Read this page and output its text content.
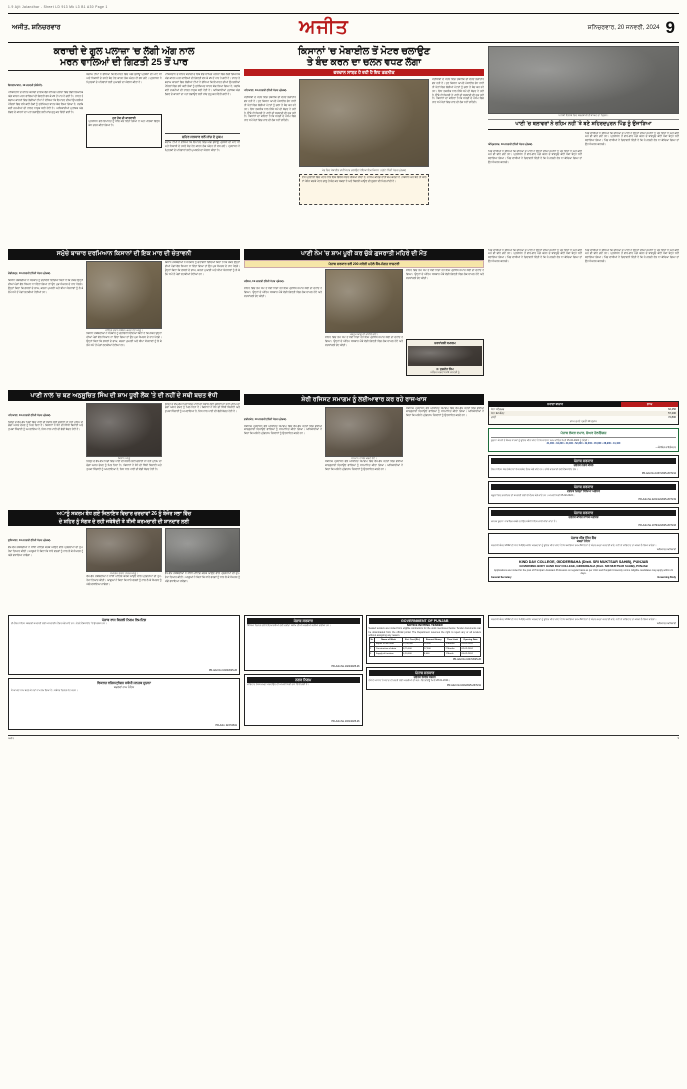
1.9 Ajit Jalandhar - Sheet LD 913 Mk L3 B1 A30 Page 1
ਅਜੀਤ, ਸ਼ਨਿਚਰਵਾਰ	ਅਜੀਤ	ਸ਼ਨਿਚਰਵਾਰ, 20 ਜਨਵਰੀ, 2024 9
ਕਰਾਚੀ ਦੇ ਗੁਲ ਪਲਾਜ਼ਾ 'ਚ ਲੱਗੀ ਅੱਗ ਨਾਲ
ਮਰਨ ਵਾਲਿਆਂ ਦੀ ਗਿਣਤੀ 25 ਤੋਂ ਪਾਰ
ਇਸਲਾਮਾਬਾਦ, 19 ਜਨਵਰੀ (ਏਜੰਸੀ)-
ਪਾਕਿਸਤਾਨ ਦੇ ਸ਼ਹਿਰ ਕਰਾਚੀ ਦੇ ਇਕ ਵੱਡੇ ਸ਼ਾਪਿੰਗ ਪਲਾਜ਼ਾ ਵਿਚ ਲੱਗੀ ਭਿਆਨਕ ਅੱਗ ਕਾਰਨ ਮਰਨ ਵਾਲਿਆਂ ਦੀ ਗਿਣਤੀ ਵਧ ਕੇ 25 ਤੋਂ ਪਾਰ ਹੋ ਗਈ ਹੈ। ਰਾਹਤ ਤੇ ਬਚਾਅ ਕਾਰਜਾਂ ਵਿਚ ਲੱਗੀਆਂ ਟੀਮਾਂ ਨੇ ਦੱਸਿਆ ਕਿ ਇਮਾਰਤ ਦੀਆਂ ਉਪਰਲੀਆਂ ਮੰਜ਼ਿਲਾਂ ਵਿਚ ਫਸੇ ਕਈ ਲੋਕਾਂ ਨੂੰ ਸੁਰੱਖਿਅਤ ਬਾਹਰ ਕੱਢ ਲਿਆ ਗਿਆ ਹੈ, ਜਦਕਿ ਕਈ ਜ਼ਖ਼ਮੀਆਂ ਦੀ ਹਾਲਤ ਨਾਜ਼ੁਕ ਬਣੀ ਹੋਈ ਹੈ। ਅਧਿਕਾਰੀਆਂ ਮੁਤਾਬਕ ਅੱਗ ਲੱਗਣ ਦੇ ਕਾਰਨਾਂ ਦਾ ਪਤਾ ਲਗਾਉਣ ਲਈ ਜਾਂਚ ਸ਼ੁਰੂ ਕਰ ਦਿੱਤੀ ਗਈ ਹੈ।
ਬਚਾਅ ਟੀਮਾਂ ਨੇ ਦੱਸਿਆ ਕਿ ਇਮਾਰਤ ਵਿਚ ਅੱਗ ਬੁਝਾਊ ਪ੍ਰਬੰਧਾਂ ਦੀ ਘਾਟ ਸੀ ਅਤੇ ਨਿਕਾਸੀ ਦੇ ਰਸਤੇ ਬੰਦ ਹੋਣ ਕਾਰਨ ਲੋਕ ਅੰਦਰ ਹੀ ਫਸ ਗਏ। ਪ੍ਰਸ਼ਾਸਨ ਨੇ ਮ੍ਰਿਤਕਾਂ ਦੇ ਪਰਿਵਾਰਾਂ ਲਈ ਮੁਆਵਜ਼ੇ ਦਾ ਐਲਾਨ ਕੀਤਾ ਹੈ।
ਹੁਣ ਤੱਕ ਦੀ ਕਾਰਵਾਈ
ਪ੍ਰਸ਼ਾਸਨ ਵਲੋਂ ਇਮਾਰਤ ਨੂੰ ਸੀਲ ਕਰ ਦਿੱਤਾ ਗਿਆ ਹੈ ਅਤੇ ਮਾਲਕਾਂ ਵਿਰੁੱਧ ਕੇਸ ਦਰਜ ਕੀਤਾ ਗਿਆ ਹੈ।
ਪਾਕਿਸਤਾਨ ਦੇ ਸ਼ਹਿਰ ਕਰਾਚੀ ਦੇ ਇਕ ਵੱਡੇ ਸ਼ਾਪਿੰਗ ਪਲਾਜ਼ਾ ਵਿਚ ਲੱਗੀ ਭਿਆਨਕ ਅੱਗ ਕਾਰਨ ਮਰਨ ਵਾਲਿਆਂ ਦੀ ਗਿਣਤੀ ਵਧ ਕੇ 25 ਤੋਂ ਪਾਰ ਹੋ ਗਈ ਹੈ। ਰਾਹਤ ਤੇ ਬਚਾਅ ਕਾਰਜਾਂ ਵਿਚ ਲੱਗੀਆਂ ਟੀਮਾਂ ਨੇ ਦੱਸਿਆ ਕਿ ਇਮਾਰਤ ਦੀਆਂ ਉਪਰਲੀਆਂ ਮੰਜ਼ਿਲਾਂ ਵਿਚ ਫਸੇ ਕਈ ਲੋਕਾਂ ਨੂੰ ਸੁਰੱਖਿਅਤ ਬਾਹਰ ਕੱਢ ਲਿਆ ਗਿਆ ਹੈ, ਜਦਕਿ ਕਈ ਜ਼ਖ਼ਮੀਆਂ ਦੀ ਹਾਲਤ ਨਾਜ਼ੁਕ ਬਣੀ ਹੋਈ ਹੈ। ਅਧਿਕਾਰੀਆਂ ਮੁਤਾਬਕ ਅੱਗ ਲੱਗਣ ਦੇ ਕਾਰਨਾਂ ਦਾ ਪਤਾ ਲਗਾਉਣ ਲਈ ਜਾਂਚ ਸ਼ੁਰੂ ਕਰ ਦਿੱਤੀ ਗਈ ਹੈ।
ਸ਼ਹਿਰ ਸਰਕਾਰ ਵਲੋਂ ਜਾਂਚ ਦੇ ਹੁਕਮ
ਬਚਾਅ ਟੀਮਾਂ ਨੇ ਦੱਸਿਆ ਕਿ ਇਮਾਰਤ ਵਿਚ ਅੱਗ ਬੁਝਾਊ ਪ੍ਰਬੰਧਾਂ ਦੀ ਘਾਟ ਸੀ ਅਤੇ ਨਿਕਾਸੀ ਦੇ ਰਸਤੇ ਬੰਦ ਹੋਣ ਕਾਰਨ ਲੋਕ ਅੰਦਰ ਹੀ ਫਸ ਗਏ। ਪ੍ਰਸ਼ਾਸਨ ਨੇ ਮ੍ਰਿਤਕਾਂ ਦੇ ਪਰਿਵਾਰਾਂ ਲਈ ਮੁਆਵਜ਼ੇ ਦਾ ਐਲਾਨ ਕੀਤਾ ਹੈ।
ਕਿਸਾਨਾਂ 'ਚ ਮੋਬਾਈਲ ਤੋਂ ਮੋਟਰ ਚਲਾਉਣ
ਤੇ ਬੰਦ ਕਰਨ ਦਾ ਚਲਨ ਵਧਣ ਲੱਗਾ
ਵਰਦਾਨ ਸਾਬਤ ਹੋ ਰਹੀ ਹੈ ਇਹ ਤਕਨੀਕ
ਪਟਿਆਲਾ, 19 ਜਨਵਰੀ (ਨਿੱਜੀ ਪੱਤਰ ਪ੍ਰੇਰਕ)-
ਖੇਤੀਬਾੜੀ ਦੇ ਖੇਤਰ ਵਿਚ ਤਕਨੀਕ ਦੀ ਵਰਤੋਂ ਲਗਾਤਾਰ ਵਧ ਰਹੀ ਹੈ। ਹੁਣ ਕਿਸਾਨ ਆਪਣੇ ਮੋਬਾਈਲ ਫੋਨ ਰਾਹੀਂ ਹੀ ਖੇਤਾਂ ਵਿਚ ਲੱਗੀਆਂ ਮੋਟਰਾਂ ਨੂੰ ਚਲਾ ਤੇ ਬੰਦ ਕਰ ਰਹੇ ਹਨ। ਇਸ ਤਕਨੀਕ ਨਾਲ ਜਿੱਥੇ ਸਮੇਂ ਦੀ ਬੱਚਤ ਹੋ ਰਹੀ ਹੈ, ਉੱਥੇ ਹੀ ਬਿਜਲੀ ਤੇ ਪਾਣੀ ਦੀ ਬਰਬਾਦੀ ਵੀ ਰੁਕ ਰਹੀ ਹੈ। ਕਿਸਾਨਾਂ ਦਾ ਕਹਿਣਾ ਹੈ ਕਿ ਸਰਦੀ ਦੇ ਮੌਸਮ ਵਿਚ ਰਾਤ ਸਮੇਂ ਖੇਤਾਂ ਵਿਚ ਜਾਣ ਦੀ ਲੋੜ ਨਹੀਂ ਰਹਿੰਦੀ।
ਖੇਤ ਵਿਚ ਮੋਬਾਈਲ ਰਾਹੀਂ ਮੋਟਰ ਚਲਾਉਂਦਾ ਹੋਇਆ ਇਕ ਕਿਸਾਨ। (ਫੋਟੋ: ਨਿੱਜੀ ਪੱਤਰ ਪ੍ਰੇਰਕ)
ਇਸ ਪ੍ਰਣਾਲੀ ਵਿਚ ਮੋਟਰ ਨਾਲ ਇਕ ਵਿਸ਼ੇਸ਼ ਯੰਤਰ ਜੋੜਿਆ ਜਾਂਦਾ ਹੈ, ਜੋ ਸਿਮ ਕਾਰਡ ਰਾਹੀਂ ਕੰਮ ਕਰਦਾ ਹੈ। ਕਿਸਾਨ ਘਰ ਬੈਠੇ ਹੀ ਕਾਲ ਜਾਂ ਮੈਸੇਜ ਕਰਕੇ ਮੋਟਰ ਚਾਲੂ ਤੇ ਬੰਦ ਕਰ ਸਕਦਾ ਹੈ ਅਤੇ ਬਿਜਲੀ ਆਉਣ ਦੀ ਸੂਚਨਾ ਵੀ ਮਿਲ ਜਾਂਦੀ ਹੈ।
ਖੇਤੀਬਾੜੀ ਦੇ ਖੇਤਰ ਵਿਚ ਤਕਨੀਕ ਦੀ ਵਰਤੋਂ ਲਗਾਤਾਰ ਵਧ ਰਹੀ ਹੈ। ਹੁਣ ਕਿਸਾਨ ਆਪਣੇ ਮੋਬਾਈਲ ਫੋਨ ਰਾਹੀਂ ਹੀ ਖੇਤਾਂ ਵਿਚ ਲੱਗੀਆਂ ਮੋਟਰਾਂ ਨੂੰ ਚਲਾ ਤੇ ਬੰਦ ਕਰ ਰਹੇ ਹਨ। ਇਸ ਤਕਨੀਕ ਨਾਲ ਜਿੱਥੇ ਸਮੇਂ ਦੀ ਬੱਚਤ ਹੋ ਰਹੀ ਹੈ, ਉੱਥੇ ਹੀ ਬਿਜਲੀ ਤੇ ਪਾਣੀ ਦੀ ਬਰਬਾਦੀ ਵੀ ਰੁਕ ਰਹੀ ਹੈ। ਕਿਸਾਨਾਂ ਦਾ ਕਹਿਣਾ ਹੈ ਕਿ ਸਰਦੀ ਦੇ ਮੌਸਮ ਵਿਚ ਰਾਤ ਸਮੇਂ ਖੇਤਾਂ ਵਿਚ ਜਾਣ ਦੀ ਲੋੜ ਨਹੀਂ ਰਹਿੰਦੀ।
ਪਹਾੜੀ ਇਲਾਕੇ ਵਿਚ ਬਰਫ਼ਬਾਰੀ ਤੋਂ ਬਾਅਦ ਦਾ ਦ੍ਰਿਸ਼।
ਪਾਣੀ 'ਚ ਥਲਾਵਰਾਂ ਨੇ ਰਹਿਮ ਨਹੀਂ 'ਤੇ ਬਣੇ ਸ਼ਹਿਰਦਪੁਰਨ ਪਿੰਡ ਨੂੰ ਉਜਾੜਿਆ
ਅੰਮ੍ਰਿਤਸਰ, 19 ਜਨਵਰੀ (ਨਿੱਜੀ ਪੱਤਰ ਪ੍ਰੇਰਕ)-
ਪਿੰਡ ਵਾਸੀਆਂ ਨੇ ਦੱਸਿਆ ਕਿ ਦਰਿਆ ਦੇ ਪਾਣੀ ਨੇ ਉਨ੍ਹਾਂ ਦੀਆਂ ਜ਼ਮੀਨਾਂ ਨੂੰ ਖੋਰ ਦਿੱਤਾ ਹੈ ਅਤੇ ਕਈ ਘਰ ਵੀ ਢਹਿ ਗਏ ਹਨ। ਪ੍ਰਸ਼ਾਸਨ ਤੋਂ ਵਾਰ-ਵਾਰ ਮੰਗ ਕਰਨ ਦੇ ਬਾਵਜੂਦ ਕੋਈ ਪੱਕਾ ਬੰਨ੍ਹ ਨਹੀਂ ਬਣਾਇਆ ਗਿਆ। ਪਿੰਡ ਵਾਸੀਆਂ ਨੇ ਚਿਤਾਵਨੀ ਦਿੱਤੀ ਹੈ ਕਿ ਜੇ ਜਲਦੀ ਹੱਲ ਨਾ ਕੱਢਿਆ ਗਿਆ ਤਾਂ ਉਹ ਸੰਘਰਸ਼ ਕਰਨਗੇ।
ਪਿੰਡ ਵਾਸੀਆਂ ਨੇ ਦੱਸਿਆ ਕਿ ਦਰਿਆ ਦੇ ਪਾਣੀ ਨੇ ਉਨ੍ਹਾਂ ਦੀਆਂ ਜ਼ਮੀਨਾਂ ਨੂੰ ਖੋਰ ਦਿੱਤਾ ਹੈ ਅਤੇ ਕਈ ਘਰ ਵੀ ਢਹਿ ਗਏ ਹਨ। ਪ੍ਰਸ਼ਾਸਨ ਤੋਂ ਵਾਰ-ਵਾਰ ਮੰਗ ਕਰਨ ਦੇ ਬਾਵਜੂਦ ਕੋਈ ਪੱਕਾ ਬੰਨ੍ਹ ਨਹੀਂ ਬਣਾਇਆ ਗਿਆ। ਪਿੰਡ ਵਾਸੀਆਂ ਨੇ ਚਿਤਾਵਨੀ ਦਿੱਤੀ ਹੈ ਕਿ ਜੇ ਜਲਦੀ ਹੱਲ ਨਾ ਕੱਢਿਆ ਗਿਆ ਤਾਂ ਉਹ ਸੰਘਰਸ਼ ਕਰਨਗੇ।
ਸਮੁੱਚੇ ਬਾਜ਼ਾਰ ਦਰਮਿਆਨ ਕਿਸਾਨਾਂ ਦੀ ਇਕ ਮਾਰ ਦੀ ਚੇਤਾਵਨੀ
ਚੰਡੀਗੜ੍ਹ, 19 ਜਨਵਰੀ (ਨਿੱਜੀ ਪੱਤਰ ਪ੍ਰੇਰਕ)-
ਕਿਸਾਨ ਜਥੇਬੰਦੀਆਂ ਨੇ ਸਰਕਾਰ ਨੂੰ ਚੇਤਾਵਨੀ ਦਿੰਦਿਆਂ ਕਿਹਾ ਹੈ ਕਿ ਜੇਕਰ ਉਨ੍ਹਾਂ ਦੀਆਂ ਮੰਗਾਂ ਵੱਲ ਧਿਆਨ ਨਾ ਦਿੱਤਾ ਗਿਆ ਤਾਂ ਉਹ ਮੁੜ ਸੰਘਰਸ਼ ਦੇ ਰਾਹ ਪੈਣਗੇ। ਉਨ੍ਹਾਂ ਕਿਹਾ ਕਿ ਫ਼ਸਲਾਂ ਦੇ ਭਾਅ, ਕਰਜ਼ਾ ਮੁਆਫ਼ੀ ਅਤੇ ਬੀਮਾ ਯੋਜਨਾਵਾਂ ਨੂੰ ਲੈ ਕੇ ਲੰਮੇ ਸਮੇਂ ਤੋਂ ਮੰਗਾਂ ਲਟਕੀਆਂ ਹੋਈਆਂ ਹਨ।
ਮੀਟਿੰਗ ਦੌਰਾਨ ਸੰਬੋਧਨ ਕਰਦੇ ਹੋਏ ਆਗੂ।
ਕਿਸਾਨ ਜਥੇਬੰਦੀਆਂ ਨੇ ਸਰਕਾਰ ਨੂੰ ਚੇਤਾਵਨੀ ਦਿੰਦਿਆਂ ਕਿਹਾ ਹੈ ਕਿ ਜੇਕਰ ਉਨ੍ਹਾਂ ਦੀਆਂ ਮੰਗਾਂ ਵੱਲ ਧਿਆਨ ਨਾ ਦਿੱਤਾ ਗਿਆ ਤਾਂ ਉਹ ਮੁੜ ਸੰਘਰਸ਼ ਦੇ ਰਾਹ ਪੈਣਗੇ। ਉਨ੍ਹਾਂ ਕਿਹਾ ਕਿ ਫ਼ਸਲਾਂ ਦੇ ਭਾਅ, ਕਰਜ਼ਾ ਮੁਆਫ਼ੀ ਅਤੇ ਬੀਮਾ ਯੋਜਨਾਵਾਂ ਨੂੰ ਲੈ ਕੇ ਲੰਮੇ ਸਮੇਂ ਤੋਂ ਮੰਗਾਂ ਲਟਕੀਆਂ ਹੋਈਆਂ ਹਨ।
ਕਿਸਾਨ ਜਥੇਬੰਦੀਆਂ ਨੇ ਸਰਕਾਰ ਨੂੰ ਚੇਤਾਵਨੀ ਦਿੰਦਿਆਂ ਕਿਹਾ ਹੈ ਕਿ ਜੇਕਰ ਉਨ੍ਹਾਂ ਦੀਆਂ ਮੰਗਾਂ ਵੱਲ ਧਿਆਨ ਨਾ ਦਿੱਤਾ ਗਿਆ ਤਾਂ ਉਹ ਮੁੜ ਸੰਘਰਸ਼ ਦੇ ਰਾਹ ਪੈਣਗੇ। ਉਨ੍ਹਾਂ ਕਿਹਾ ਕਿ ਫ਼ਸਲਾਂ ਦੇ ਭਾਅ, ਕਰਜ਼ਾ ਮੁਆਫ਼ੀ ਅਤੇ ਬੀਮਾ ਯੋਜਨਾਵਾਂ ਨੂੰ ਲੈ ਕੇ ਲੰਮੇ ਸਮੇਂ ਤੋਂ ਮੰਗਾਂ ਲਟਕੀਆਂ ਹੋਈਆਂ ਹਨ।
ਪਾਣੀ ਨਾਲ 'ਚ ਬਣ ਅਨੁਸੂਚਿਤ ਸਿੰਘ ਦੀ ਸ਼ਾਮ ਧੂਰੀ ਲੋਕ 'ਤੇ ਦੀ ਨਹੀਂ ਦੇ ਸਥੀ ਬਚਤ ਵੱਧੀ
ਪਟਿਆਲਾ, 19 ਜਨਵਰੀ (ਨਿੱਜੀ ਪੱਤਰ ਪ੍ਰੇਰਕ)-
ਜ਼ਿਲ੍ਹੇ ਦੇ ਵੱਖ-ਵੱਖ ਪਿੰਡਾਂ ਵਿਚ ਪਾਣੀ ਦੀ ਸੰਭਾਲ ਲਈ ਚਲਾਈ ਜਾ ਰਹੀ ਮੁਹਿੰਮ ਦਾ ਚੰਗਾ ਅਸਰ ਦੇਖਣ ਨੂੰ ਮਿਲ ਰਿਹਾ ਹੈ। ਕਿਸਾਨਾਂ ਨੇ ਝੋਨੇ ਦੀ ਸਿੱਧੀ ਬਿਜਾਈ ਅਤੇ ਤੁਪਕਾ ਸਿੰਚਾਈ ਨੂੰ ਅਪਣਾਇਆ ਹੈ, ਜਿਸ ਨਾਲ ਪਾਣੀ ਦੀ ਵੱਡੀ ਬੱਚਤ ਹੋਈ ਹੈ।
ਕਿਸਾਨ ਆਗੂ
ਜ਼ਿਲ੍ਹੇ ਦੇ ਵੱਖ-ਵੱਖ ਪਿੰਡਾਂ ਵਿਚ ਪਾਣੀ ਦੀ ਸੰਭਾਲ ਲਈ ਚਲਾਈ ਜਾ ਰਹੀ ਮੁਹਿੰਮ ਦਾ ਚੰਗਾ ਅਸਰ ਦੇਖਣ ਨੂੰ ਮਿਲ ਰਿਹਾ ਹੈ। ਕਿਸਾਨਾਂ ਨੇ ਝੋਨੇ ਦੀ ਸਿੱਧੀ ਬਿਜਾਈ ਅਤੇ ਤੁਪਕਾ ਸਿੰਚਾਈ ਨੂੰ ਅਪਣਾਇਆ ਹੈ, ਜਿਸ ਨਾਲ ਪਾਣੀ ਦੀ ਵੱਡੀ ਬੱਚਤ ਹੋਈ ਹੈ।
ਜ਼ਿਲ੍ਹੇ ਦੇ ਵੱਖ-ਵੱਖ ਪਿੰਡਾਂ ਵਿਚ ਪਾਣੀ ਦੀ ਸੰਭਾਲ ਲਈ ਚਲਾਈ ਜਾ ਰਹੀ ਮੁਹਿੰਮ ਦਾ ਚੰਗਾ ਅਸਰ ਦੇਖਣ ਨੂੰ ਮਿਲ ਰਿਹਾ ਹੈ। ਕਿਸਾਨਾਂ ਨੇ ਝੋਨੇ ਦੀ ਸਿੱਧੀ ਬਿਜਾਈ ਅਤੇ ਤੁਪਕਾ ਸਿੰਚਾਈ ਨੂੰ ਅਪਣਾਇਆ ਹੈ, ਜਿਸ ਨਾਲ ਪਾਣੀ ਦੀ ਵੱਡੀ ਬੱਚਤ ਹੋਈ ਹੈ।
ਅਾਨੂੰ ਸਕਰਮ ਬੱਧ ਗਏ ਜਿਲਾਇਤ ਵਿਚਾਰ ਚਰਚਾਵਾਂ 26 ਨੂੰ ਬੇਜੋਰ ਸਭਾ ਵਿੱਚ
ਦੇ ਸ਼ਹਿਰ ਨੂੰ ਸੰਗਤ ਦੇ ਰਹੀ ਜਥੇਬੰਦੀ ਤੇ ਤੀਜੀ ਕਰਮਚਾਰੀ ਦੀ ਸ਼ਾਨਦਾਰ ਲਈ
ਲੁਧਿਆਣਾ, 19 ਜਨਵਰੀ (ਨਿੱਜੀ ਪੱਤਰ ਪ੍ਰੇਰਕ)-
ਵੱਖ-ਵੱਖ ਜਥੇਬੰਦੀਆਂ ਨੇ ਸਾਂਝੀ ਮੀਟਿੰਗ ਕਰਕੇ ਆਉਣ ਵਾਲੇ ਪ੍ਰੋਗਰਾਮਾਂ ਦੀ ਰੂਪ-ਰੇਖਾ ਤਿਆਰ ਕੀਤੀ। ਆਗੂਆਂ ਨੇ ਕਿਹਾ ਕਿ ਸਾਰੇ ਵਰਗਾਂ ਨੂੰ ਨਾਲ ਲੈ ਕੇ ਸੰਘਰਸ਼ ਨੂੰ ਅੱਗੇ ਵਧਾਇਆ ਜਾਵੇਗਾ।
ਸਮਾਗਮ ਦੌਰਾਨ ਹਾਜ਼ਰ ਆਗੂ।
ਵੱਖ-ਵੱਖ ਜਥੇਬੰਦੀਆਂ ਨੇ ਸਾਂਝੀ ਮੀਟਿੰਗ ਕਰਕੇ ਆਉਣ ਵਾਲੇ ਪ੍ਰੋਗਰਾਮਾਂ ਦੀ ਰੂਪ-ਰੇਖਾ ਤਿਆਰ ਕੀਤੀ। ਆਗੂਆਂ ਨੇ ਕਿਹਾ ਕਿ ਸਾਰੇ ਵਰਗਾਂ ਨੂੰ ਨਾਲ ਲੈ ਕੇ ਸੰਘਰਸ਼ ਨੂੰ ਅੱਗੇ ਵਧਾਇਆ ਜਾਵੇਗਾ।
ਵੱਖ-ਵੱਖ ਜਥੇਬੰਦੀਆਂ ਨੇ ਸਾਂਝੀ ਮੀਟਿੰਗ ਕਰਕੇ ਆਉਣ ਵਾਲੇ ਪ੍ਰੋਗਰਾਮਾਂ ਦੀ ਰੂਪ-ਰੇਖਾ ਤਿਆਰ ਕੀਤੀ। ਆਗੂਆਂ ਨੇ ਕਿਹਾ ਕਿ ਸਾਰੇ ਵਰਗਾਂ ਨੂੰ ਨਾਲ ਲੈ ਕੇ ਸੰਘਰਸ਼ ਨੂੰ ਅੱਗੇ ਵਧਾਇਆ ਜਾਵੇਗਾ।
ਪਾਣੀ ਨੇਮ 'ਚ ਸ਼ਾਮ ਪੂਰੀ ਕਰ ਚੁੱਕੇ ਗੁਜਰਾਤੀ ਮਹਿਰੇ ਦੀ ਮੌਤ
ਪੰਜਾਬ ਸਰਕਾਰ ਵਲੋਂ 200 ਕਰੋੜੀ ਮਹੱਲੇ ਬੈਂਕ-ਸੰਗਤ ਰਾਸ਼ਟਰੀ
ਜਲੰਧਰ, 19 ਜਨਵਰੀ (ਨਿੱਜੀ ਪੱਤਰ ਪ੍ਰੇਰਕ)-
ਸ਼ਹਿਰ ਵਿਚ ਲੰਮੇ ਸਮੇਂ ਤੋਂ ਸੇਵਾ ਨਿਭਾ ਰਹੇ ਇਕ ਪ੍ਰਸਿੱਧ ਸਮਾਜ ਸੇਵੀ ਦਾ ਦੇਹਾਂਤ ਹੋ ਗਿਆ। ਉਨ੍ਹਾਂ ਦੇ ਅੰਤਿਮ ਸਸਕਾਰ ਮੌਕੇ ਵੱਡੀ ਗਿਣਤੀ ਵਿਚ ਲੋਕ ਸ਼ਾਮਲ ਹੋਏ ਅਤੇ ਸ਼ਰਧਾਂਜਲੀ ਭੇਟ ਕੀਤੀ।
ਮਰਹੂਮ ਆਗੂ ਦੀ ਫ਼ਾਈਲ ਫ਼ੋਟੋ।
ਸ਼ਹਿਰ ਵਿਚ ਲੰਮੇ ਸਮੇਂ ਤੋਂ ਸੇਵਾ ਨਿਭਾ ਰਹੇ ਇਕ ਪ੍ਰਸਿੱਧ ਸਮਾਜ ਸੇਵੀ ਦਾ ਦੇਹਾਂਤ ਹੋ ਗਿਆ। ਉਨ੍ਹਾਂ ਦੇ ਅੰਤਿਮ ਸਸਕਾਰ ਮੌਕੇ ਵੱਡੀ ਗਿਣਤੀ ਵਿਚ ਲੋਕ ਸ਼ਾਮਲ ਹੋਏ ਅਤੇ ਸ਼ਰਧਾਂਜਲੀ ਭੇਟ ਕੀਤੀ।
ਸ਼ਹਿਰ ਵਿਚ ਲੰਮੇ ਸਮੇਂ ਤੋਂ ਸੇਵਾ ਨਿਭਾ ਰਹੇ ਇਕ ਪ੍ਰਸਿੱਧ ਸਮਾਜ ਸੇਵੀ ਦਾ ਦੇਹਾਂਤ ਹੋ ਗਿਆ। ਉਨ੍ਹਾਂ ਦੇ ਅੰਤਿਮ ਸਸਕਾਰ ਮੌਕੇ ਵੱਡੀ ਗਿਣਤੀ ਵਿਚ ਲੋਕ ਸ਼ਾਮਲ ਹੋਏ ਅਤੇ ਸ਼ਰਧਾਂਜਲੀ ਭੇਟ ਕੀਤੀ।
ਸ਼ਰਧਾਂਜਲੀ ਸਮਾਗਮ
ਸ. ਸੁਰਜੀਤ ਸਿੰਘ
ਅੰਤਿਮ ਅਰਦਾਸ 22 ਜਨਵਰੀ ਨੂੰ
ਸ਼ੇਰੀ ਰਜਿਸਟ ਸਮਾਗਮ ਨੂੰ ਲਈਆਵਾਰ ਕਰ ਰਹੇ ਰਾਜ-ਖਾਸ
ਫ਼ਰੀਦਕੋਟ, 19 ਜਨਵਰੀ (ਨਿੱਜੀ ਪੱਤਰ ਪ੍ਰੇਰਕ)-
ਸਥਾਨਕ ਪ੍ਰਸ਼ਾਸਨ ਵਲੋਂ ਆਯੋਜਿਤ ਸਮਾਗਮ ਵਿਚ ਵੱਖ-ਵੱਖ ਖੇਤਰਾਂ ਵਿਚ ਵਧੀਆ ਕਾਰਗੁਜ਼ਾਰੀ ਦਿਖਾਉਣ ਵਾਲਿਆਂ ਨੂੰ ਸਨਮਾਨਿਤ ਕੀਤਾ ਗਿਆ। ਅਧਿਕਾਰੀਆਂ ਨੇ ਕਿਹਾ ਕਿ ਅਜਿਹੇ ਪ੍ਰੋਗਰਾਮ ਨੌਜਵਾਨਾਂ ਨੂੰ ਉਤਸ਼ਾਹਿਤ ਕਰਦੇ ਹਨ।
ਸਨਮਾਨ ਹਾਸਲ ਕਰਦੇ ਹੋਏ।
ਸਥਾਨਕ ਪ੍ਰਸ਼ਾਸਨ ਵਲੋਂ ਆਯੋਜਿਤ ਸਮਾਗਮ ਵਿਚ ਵੱਖ-ਵੱਖ ਖੇਤਰਾਂ ਵਿਚ ਵਧੀਆ ਕਾਰਗੁਜ਼ਾਰੀ ਦਿਖਾਉਣ ਵਾਲਿਆਂ ਨੂੰ ਸਨਮਾਨਿਤ ਕੀਤਾ ਗਿਆ। ਅਧਿਕਾਰੀਆਂ ਨੇ ਕਿਹਾ ਕਿ ਅਜਿਹੇ ਪ੍ਰੋਗਰਾਮ ਨੌਜਵਾਨਾਂ ਨੂੰ ਉਤਸ਼ਾਹਿਤ ਕਰਦੇ ਹਨ।
ਸਥਾਨਕ ਪ੍ਰਸ਼ਾਸਨ ਵਲੋਂ ਆਯੋਜਿਤ ਸਮਾਗਮ ਵਿਚ ਵੱਖ-ਵੱਖ ਖੇਤਰਾਂ ਵਿਚ ਵਧੀਆ ਕਾਰਗੁਜ਼ਾਰੀ ਦਿਖਾਉਣ ਵਾਲਿਆਂ ਨੂੰ ਸਨਮਾਨਿਤ ਕੀਤਾ ਗਿਆ। ਅਧਿਕਾਰੀਆਂ ਨੇ ਕਿਹਾ ਕਿ ਅਜਿਹੇ ਪ੍ਰੋਗਰਾਮ ਨੌਜਵਾਨਾਂ ਨੂੰ ਉਤਸ਼ਾਹਿਤ ਕਰਦੇ ਹਨ।
ਪਿੰਡ ਵਾਸੀਆਂ ਨੇ ਦੱਸਿਆ ਕਿ ਦਰਿਆ ਦੇ ਪਾਣੀ ਨੇ ਉਨ੍ਹਾਂ ਦੀਆਂ ਜ਼ਮੀਨਾਂ ਨੂੰ ਖੋਰ ਦਿੱਤਾ ਹੈ ਅਤੇ ਕਈ ਘਰ ਵੀ ਢਹਿ ਗਏ ਹਨ। ਪ੍ਰਸ਼ਾਸਨ ਤੋਂ ਵਾਰ-ਵਾਰ ਮੰਗ ਕਰਨ ਦੇ ਬਾਵਜੂਦ ਕੋਈ ਪੱਕਾ ਬੰਨ੍ਹ ਨਹੀਂ ਬਣਾਇਆ ਗਿਆ। ਪਿੰਡ ਵਾਸੀਆਂ ਨੇ ਚਿਤਾਵਨੀ ਦਿੱਤੀ ਹੈ ਕਿ ਜੇ ਜਲਦੀ ਹੱਲ ਨਾ ਕੱਢਿਆ ਗਿਆ ਤਾਂ ਉਹ ਸੰਘਰਸ਼ ਕਰਨਗੇ।
ਪਿੰਡ ਵਾਸੀਆਂ ਨੇ ਦੱਸਿਆ ਕਿ ਦਰਿਆ ਦੇ ਪਾਣੀ ਨੇ ਉਨ੍ਹਾਂ ਦੀਆਂ ਜ਼ਮੀਨਾਂ ਨੂੰ ਖੋਰ ਦਿੱਤਾ ਹੈ ਅਤੇ ਕਈ ਘਰ ਵੀ ਢਹਿ ਗਏ ਹਨ। ਪ੍ਰਸ਼ਾਸਨ ਤੋਂ ਵਾਰ-ਵਾਰ ਮੰਗ ਕਰਨ ਦੇ ਬਾਵਜੂਦ ਕੋਈ ਪੱਕਾ ਬੰਨ੍ਹ ਨਹੀਂ ਬਣਾਇਆ ਗਿਆ। ਪਿੰਡ ਵਾਸੀਆਂ ਨੇ ਚਿਤਾਵਨੀ ਦਿੱਤੀ ਹੈ ਕਿ ਜੇ ਜਲਦੀ ਹੱਲ ਨਾ ਕੱਢਿਆ ਗਿਆ ਤਾਂ ਉਹ ਸੰਘਰਸ਼ ਕਰਨਗੇ।
ਸਰਾਫ਼ਾ ਬਾਜ਼ਾਰ	ਭਾਅ
ਸੋਨਾ ਸਟੈਂਡਰਡ	62,450
ਸੋਨਾ 22 ਕੈਰੇਟ	57,200
ਚਾਂਦੀ	72,800
ਭਾਅ ਰੁਪਏ ਪ੍ਰਤੀ 10 ਗ੍ਰਾਮ
ਪੰਜਾਬ ਲੱਕੜ ਵਪਾਰ, ਸ਼ੇਅਰ ਹੋਲਡਿੰਗਜ਼
ਸੂਚਨਾ: ਕੰਪਨੀ ਦੇ ਸ਼ੇਅਰ ਧਾਰਕਾਂ ਨੂੰ ਸੂਚਿਤ ਕੀਤਾ ਜਾਂਦਾ ਹੈ ਕਿ ਸਾਲਾਨਾ ਆਮ ਮੀਟਿੰਗ ਮਿਤੀ 15-02-2024 ਨੂੰ ਹੋਵੇਗੀ।
21,000 • 34,200 • 44,400 • 52,300 • 42,000 • 45,600 • 38,900 • 41,100
—ਮੈਨੇਜਿੰਗ ਡਾਇਰੈਕਟਰ
ਪੰਜਾਬ ਸਰਕਾਰ
ਦਫ਼ਤਰ ਨਗਰ ਕੌਂਸਲ
ਟੈਂਡਰ ਨੋਟਿਸ: ਯੋਗ ਠੇਕੇਦਾਰਾਂ ਤੋਂ ਮੋਹਰਬੰਦ ਟੈਂਡਰ ਮੰਗੇ ਜਾਂਦੇ ਹਨ। ਵਧੇਰੇ ਜਾਣਕਾਰੀ ਲਈ ਵੈੱਬਸਾਈਟ ਦੇਖੋ।
PR-Advt.No.1037/2025-26/T212
ਪੰਜਾਬ ਸਰਕਾਰ
ਦਫ਼ਤਰ ਜ਼ਿਲ੍ਹਾ ਸਿੱਖਿਆ ਅਫ਼ਸਰ
ਸਕੂਲਾਂ ਵਿਚ ਫ਼ਰਨੀਚਰ ਦੀ ਸਪਲਾਈ ਲਈ ਈ-ਟੈਂਡਰ ਮੰਗੇ ਜਾਂਦੇ ਹਨ। ਆਖ਼ਰੀ ਮਿਤੀ 05-02-2024।
PR-Advt.No.2221/12/2025-26/T219
ਪੰਜਾਬ ਸਰਕਾਰ
ਦਫ਼ਤਰ ਕਾਰਜ ਸਾਧਕ ਅਫ਼ਸਰ
ਜਨਤਕ ਸੂਚਨਾ: ਨਾਜਾਇਜ਼ ਕਬਜ਼ੇ ਹਟਾਉਣ ਸਬੰਧੀ ਨੋਟਿਸ ਜਾਰੀ ਕੀਤਾ ਜਾਂਦਾ ਹੈ।
PR-Advt.No.1079/12/2025-26/T243
ਪੰਜਾਬ ਐਂਡ ਸਿੰਧ ਬੈਂਕ
ਕਬਜ਼ਾ ਨੋਟਿਸ
ਸਰਫਾਸੀ ਐਕਟ 2002 ਦੀ ਧਾਰਾ 13(2) ਅਧੀਨ ਕਰਜ਼ਦਾਰਾਂ ਨੂੰ ਸੂਚਿਤ ਕੀਤਾ ਜਾਂਦਾ ਹੈ ਕਿ ਬਕਾਇਆ ਰਕਮ 60 ਦਿਨਾਂ ਦੇ ਅੰਦਰ ਜਮ੍ਹਾ ਕਰਵਾਈ ਜਾਵੇ, ਨਹੀਂ ਤਾਂ ਜਾਇਦਾਦ ਦਾ ਕਬਜ਼ਾ ਲੈ ਲਿਆ ਜਾਵੇਗਾ।
ਅਧਿਕਾਰਤ ਅਧਿਕਾਰੀ
KIND DAV COLLEGE, GIDDERBAHA (Distt. SRI MUKTSAR SAHIB), PUNJAB
GOVERNING BODY HAND DAV COLLEGE, GIDDERBAHA (Distt. SRI MUKTSAR SAHIB), PUNJAB
Applications are invited for the post of Principal / Assistant Professors on regular basis as per UGC and Punjabi University norms. Eligible candidates may apply within 21 days.
General Secretary	Governing Body
ਪੰਜਾਬ ਰਾਜ ਬਿਜਲੀ ਨਿਗਮ ਲਿਮਟਿਡ
ਈ-ਟੈਂਡਰ ਨੋਟਿਸ: ਸਮੱਗਰੀ ਸਪਲਾਈ ਲਈ ਆਨਲਾਈਨ ਟੈਂਡਰ ਮੰਗੇ ਜਾਂਦੇ ਹਨ। ਵੇਰਵੇ ਵੈੱਬਸਾਈਟ 'ਤੇ ਉਪਲਬਧ ਹਨ।
PR-Advt.No.1018/2025-26
ਵਿਕਰਤ ਰਜਿਸਟ੍ਰੇਸ਼ਨ ਸਬੰਧੀ ਜਨਤਕ ਸੂਚਨਾ
ਬਦਲਵਾਂ ਨਾਮ ਨੋਟਿਸ
ਮੈਂ ਆਪਣਾ ਨਾਮ ਬਦਲ ਕੇ ਨਵਾਂ ਨਾਮ ਰੱਖ ਲਿਆ ਹੈ। ਸਬੰਧਤ ਵਿਭਾਗ ਨੋਟ ਕਰਨ।
PR-Advt. 2247/2841
ਪੰਜਾਬ ਸਰਕਾਰ
ਸਿੱਖਿਆ ਵਿਭਾਗ ਵਲੋਂ ਵਿਦਿਆਰਥੀਆਂ ਲਈ ਵਜ਼ੀਫ਼ਾ ਸਕੀਮ ਦੀਆਂ ਅਰਜ਼ੀਆਂ ਮੰਗੀਆਂ ਗਈਆਂ ਹਨ।
PR-Advt.No.1022/2025-26
ਨਗਰ ਨਿਗਮ
ਜਾਇਦਾਦ ਟੈਕਸ ਜਮ੍ਹਾ ਕਰਵਾਉਣ ਦੀ ਆਖ਼ਰੀ ਮਿਤੀ ਵਧਾ ਦਿੱਤੀ ਗਈ ਹੈ।
PR-Advt.No.1031/2025-26
GOVERNMENT OF PUNJAB
NOTICE INVITING TENDER
Sealed tenders are invited from eligible contractors for the work mentioned below. Tender documents can be downloaded from the official portal. The Department reserves the right to reject any or all tenders without assigning any reason.
Sr.	Name of Work	Est. Cost (Rs.)	Earnest Money	Time Limit	Opening Date
1	Repair of link road	12,50,000	25,000	3 Months	02-02-2024
2	Construction of drain	8,75,000	17,500	2 Months	02-02-2024
3	Supply of furniture	4,20,000	8,400	1 Month	05-02-2024
PR-Advt.No.1047/2025-26
ਪੰਜਾਬ ਸਰਕਾਰ
ਦਫ਼ਤਰ ਸਿਵਲ ਸਰਜਨ
ਠੇਕੇ ਦੇ ਆਧਾਰ 'ਤੇ ਸਟਾਫ਼ ਦੀ ਭਰਤੀ ਲਈ ਅਰਜ਼ੀਆਂ ਦੀ ਮੰਗ। ਇੰਟਰਵਿਊ ਮਿਤੀ 28-01-2024।
PR-Advt.No.1016/2025-26/T211
ਸਰਫਾਸੀ ਐਕਟ 2002 ਦੀ ਧਾਰਾ 13(2) ਅਧੀਨ ਕਰਜ਼ਦਾਰਾਂ ਨੂੰ ਸੂਚਿਤ ਕੀਤਾ ਜਾਂਦਾ ਹੈ ਕਿ ਬਕਾਇਆ ਰਕਮ 60 ਦਿਨਾਂ ਦੇ ਅੰਦਰ ਜਮ੍ਹਾ ਕਰਵਾਈ ਜਾਵੇ, ਨਹੀਂ ਤਾਂ ਜਾਇਦਾਦ ਦਾ ਕਬਜ਼ਾ ਲੈ ਲਿਆ ਜਾਵੇਗਾ।
ਅਧਿਕਾਰਤ ਅਧਿਕਾਰੀ
ਅਜੀਤ	9
